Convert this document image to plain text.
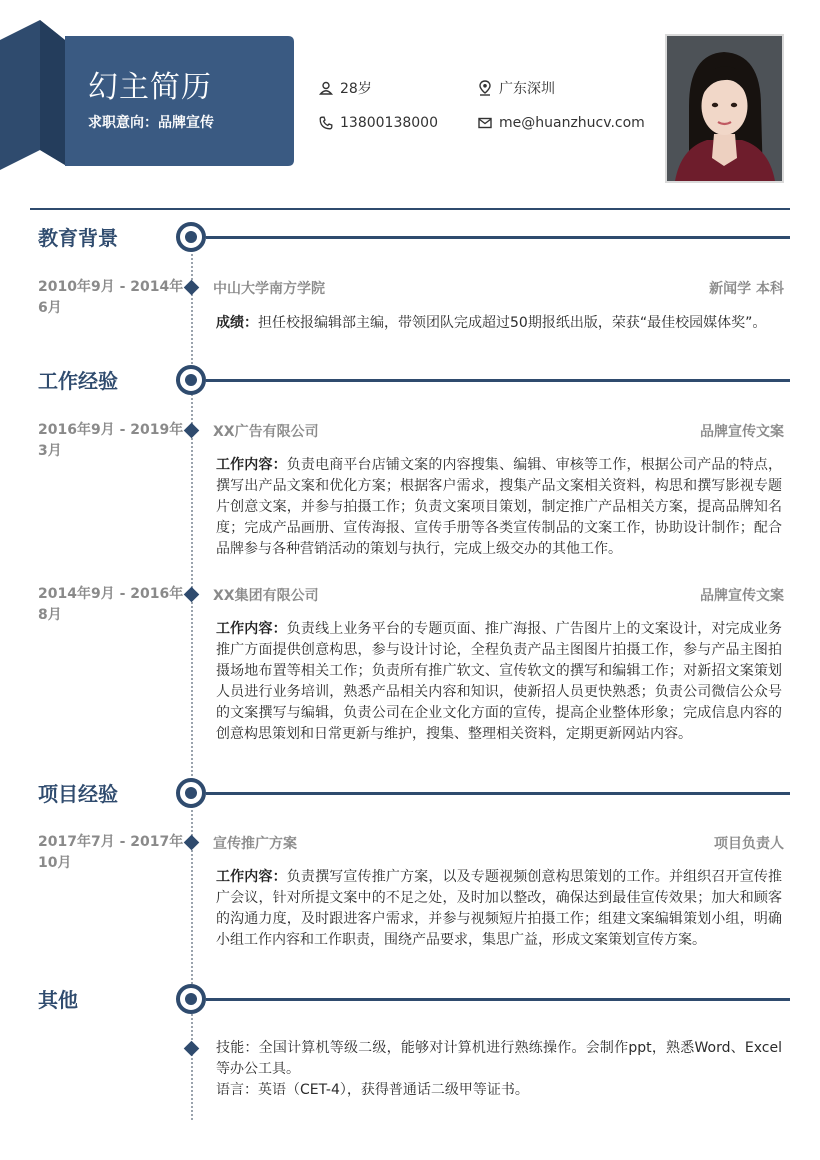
幻主简历
求职意向：品牌宣传
28岁	广东深圳
13800138000	me@huanzhucv.com
教育背景
2010年9月 - 2014年6月
中山大学南方学院	新闻学 本科
成绩：担任校报编辑部主编，带领团队完成超过50期报纸出版，荣获“最佳校园媒体奖”。
工作经验
2016年9月 - 2019年3月
XX广告有限公司	品牌宣传文案
工作内容：负责电商平台店铺文案的内容搜集、编辑、审核等工作，根据公司产品的特点，撰写出产品文案和优化方案；根据客户需求，搜集产品文案相关资料，构思和撰写影视专题片创意文案，并参与拍摄工作；负责文案项目策划，制定推广产品相关方案，提高品牌知名度；完成产品画册、宣传海报、宣传手册等各类宣传制品的文案工作，协助设计制作；配合品牌参与各种营销活动的策划与执行，完成上级交办的其他工作。
2014年9月 - 2016年8月
XX集团有限公司	品牌宣传文案
工作内容：负责线上业务平台的专题页面、推广海报、广告图片上的文案设计，对完成业务推广方面提供创意构思，参与设计讨论，全程负责产品主图图片拍摄工作，参与产品主图拍摄场地布置等相关工作；负责所有推广软文、宣传软文的撰写和编辑工作；对新招文案策划人员进行业务培训，熟悉产品相关内容和知识，使新招人员更快熟悉；负责公司微信公众号的文案撰写与编辑，负责公司在企业文化方面的宣传，提高企业整体形象；完成信息内容的创意构思策划和日常更新与维护，搜集、整理相关资料，定期更新网站内容。
项目经验
2017年7月 - 2017年10月
宣传推广方案	项目负责人
工作内容：负责撰写宣传推广方案，以及专题视频创意构思策划的工作。并组织召开宣传推广会议，针对所提文案中的不足之处，及时加以整改，确保达到最佳宣传效果；加大和顾客的沟通力度，及时跟进客户需求，并参与视频短片拍摄工作；组建文案编辑策划小组，明确小组工作内容和工作职责，围绕产品要求，集思广益，形成文案策划宣传方案。
其他
技能：全国计算机等级二级，能够对计算机进行熟练操作。会制作ppt，熟悉Word、Excel等办公工具。
语言：英语（CET-4），获得普通话二级甲等证书。
